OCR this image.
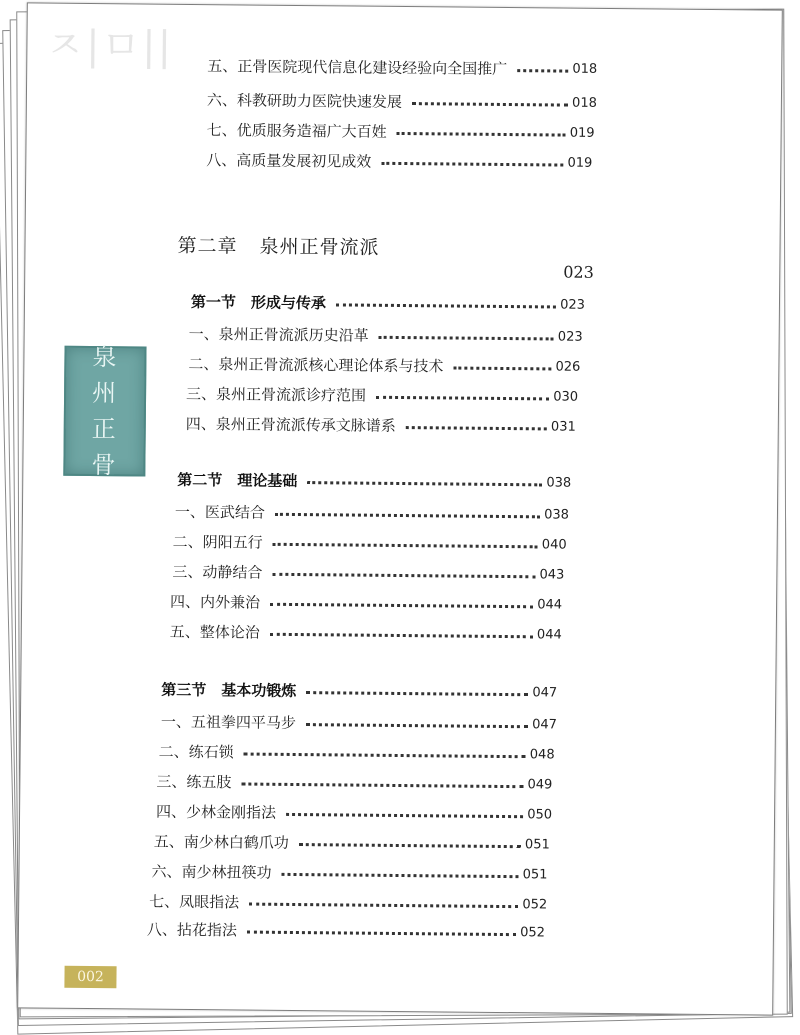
ㅈ|ㅁ||
泉
州
正
骨
五、正骨医院现代信息化建设经验向全国推广	018
六、科教研助力医院快速发展	018
七、优质服务造福广大百姓	019
八、高质量发展初见成效	019
第二章 泉州正骨流派
023
第一节　形成与传承	023
一、泉州正骨流派历史沿革	023
二、泉州正骨流派核心理论体系与技术	026
三、泉州正骨流派诊疗范围	030
四、泉州正骨流派传承文脉谱系	031
第二节　理论基础	038
一、医武结合	038
二、阴阳五行	040
三、动静结合	043
四、内外兼治	044
五、整体论治	044
第三节　基本功锻炼	047
一、五祖拳四平马步	047
二、练石锁	048
三、练五肢	049
四、少林金刚指法	050
五、南少林白鹤爪功	051
六、南少林扭筷功	051
七、凤眼指法	052
八、拈花指法	052
002
